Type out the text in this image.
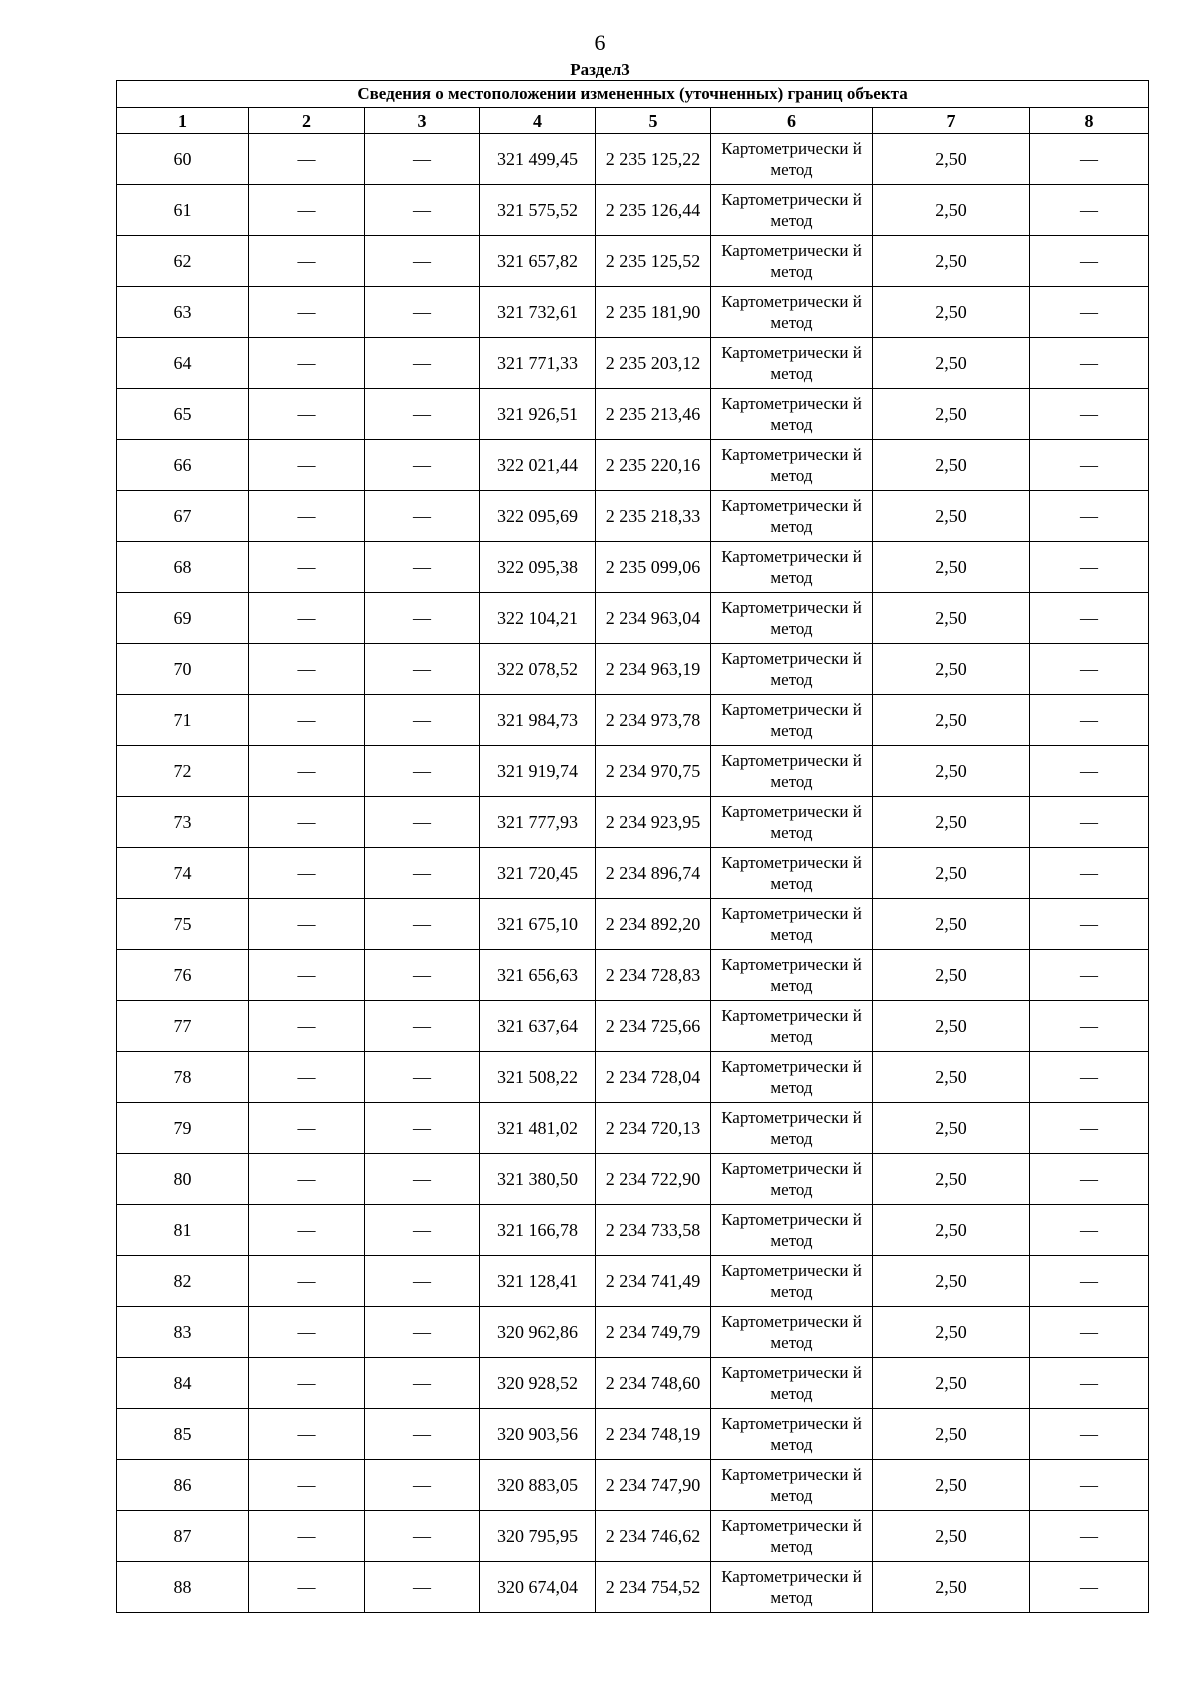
6
Раздел3
Сведения о местоположении измененных (уточненных) границ объекта							
1	2	3	4	5	6	7	8
60	—	—	321 499,45	2 235 125,22	Картометрически й метод	2,50	—
61	—	—	321 575,52	2 235 126,44	Картометрически й метод	2,50	—
62	—	—	321 657,82	2 235 125,52	Картометрически й метод	2,50	—
63	—	—	321 732,61	2 235 181,90	Картометрически й метод	2,50	—
64	—	—	321 771,33	2 235 203,12	Картометрически й метод	2,50	—
65	—	—	321 926,51	2 235 213,46	Картометрически й метод	2,50	—
66	—	—	322 021,44	2 235 220,16	Картометрически й метод	2,50	—
67	—	—	322 095,69	2 235 218,33	Картометрически й метод	2,50	—
68	—	—	322 095,38	2 235 099,06	Картометрически й метод	2,50	—
69	—	—	322 104,21	2 234 963,04	Картометрически й метод	2,50	—
70	—	—	322 078,52	2 234 963,19	Картометрически й метод	2,50	—
71	—	—	321 984,73	2 234 973,78	Картометрически й метод	2,50	—
72	—	—	321 919,74	2 234 970,75	Картометрически й метод	2,50	—
73	—	—	321 777,93	2 234 923,95	Картометрически й метод	2,50	—
74	—	—	321 720,45	2 234 896,74	Картометрически й метод	2,50	—
75	—	—	321 675,10	2 234 892,20	Картометрически й метод	2,50	—
76	—	—	321 656,63	2 234 728,83	Картометрически й метод	2,50	—
77	—	—	321 637,64	2 234 725,66	Картометрически й метод	2,50	—
78	—	—	321 508,22	2 234 728,04	Картометрически й метод	2,50	—
79	—	—	321 481,02	2 234 720,13	Картометрически й метод	2,50	—
80	—	—	321 380,50	2 234 722,90	Картометрически й метод	2,50	—
81	—	—	321 166,78	2 234 733,58	Картометрически й метод	2,50	—
82	—	—	321 128,41	2 234 741,49	Картометрически й метод	2,50	—
83	—	—	320 962,86	2 234 749,79	Картометрически й метод	2,50	—
84	—	—	320 928,52	2 234 748,60	Картометрически й метод	2,50	—
85	—	—	320 903,56	2 234 748,19	Картометрически й метод	2,50	—
86	—	—	320 883,05	2 234 747,90	Картометрически й метод	2,50	—
87	—	—	320 795,95	2 234 746,62	Картометрически й метод	2,50	—
88	—	—	320 674,04	2 234 754,52	Картометрически й метод	2,50	—
